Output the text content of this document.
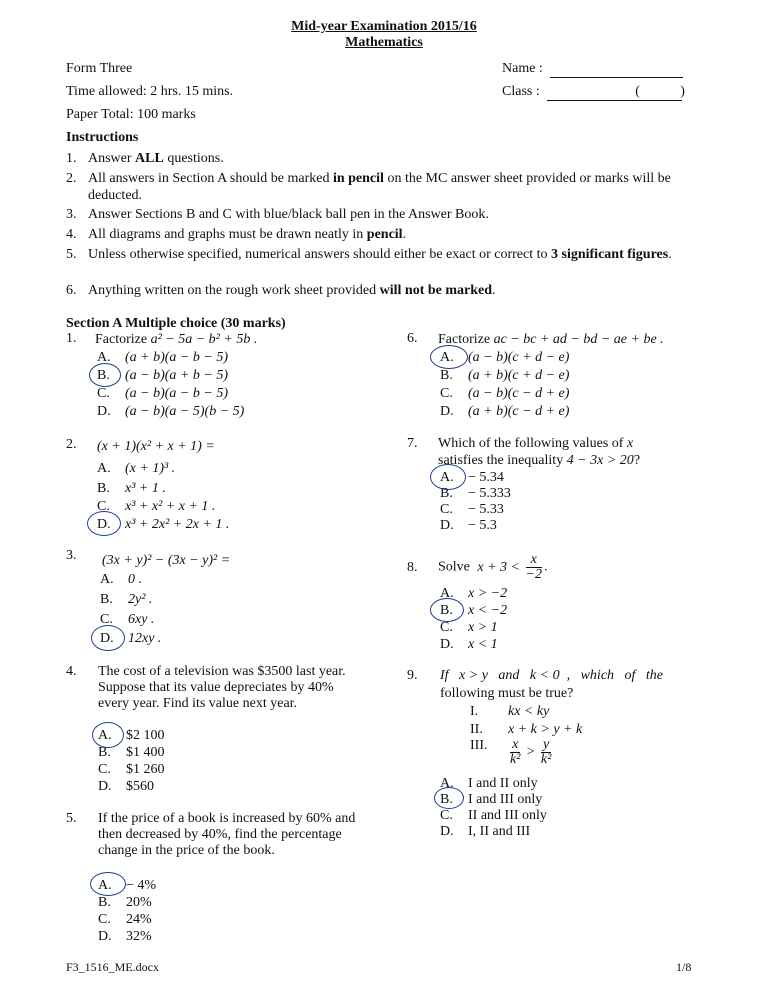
Mid-year Examination 2015/16
Mathematics
Form Three
Time allowed: 2 hrs. 15 mins.
Paper Total: 100 marks
Name :
Class :	(	)
Instructions
1. Answer ALL questions.
2. All answers in Section A should be marked in pencil on the MC answer sheet provided or marks will be deducted.
3. Answer Sections B and C with blue/black ball pen in the Answer Book.
4. All diagrams and graphs must be drawn neatly in pencil.
5. Unless otherwise specified, numerical answers should either be exact or correct to 3 significant figures.
6. Anything written on the rough work sheet provided will not be marked.
Section A Multiple choice (30 marks)
1. Factorize a² − 5a − b² + 5b .
A. (a + b)(a − b − 5)
B. (a − b)(a + b − 5)
C. (a − b)(a − b − 5)
D. (a − b)(a − 5)(b − 5)
2. (x + 1)(x² + x + 1) =
A. (x + 1)³ .
B. x³ + 1 .
C. x³ + x² + x + 1 .
D. x³ + 2x² + 2x + 1 .
3. (3x + y)² − (3x − y)² =
A. 0 .
B. 2y² .
C. 6xy .
D. 12xy .
4. The cost of a television was $3500 last year. Suppose that its value depreciates by 40% every year. Find its value next year.
A. $2 100
B. $1 400
C. $1 260
D. $560
5. If the price of a book is increased by 60% and then decreased by 40%, find the percentage change in the price of the book.
A. − 4%
B. 20%
C. 24%
D. 32%
6. Factorize ac − bc + ad − bd − ae + be .
A. (a − b)(c + d − e)
B. (a + b)(c + d − e)
C. (a − b)(c − d + e)
D. (a + b)(c − d + e)
7. Which of the following values of x
satisfies the inequality 4 − 3x > 20?
A. − 5.34
B. − 5.333
C. − 5.33
D. − 5.3
8. Solve $x + 3 < \frac{x}{-2}$ .
A. x > −2
B. x < −2
C. x > 1
D. x < 1
9. If   x > y   and   k < 0  ,   which   of   the
following must be true?
I. kx < ky
II. x + k > y + k
III. $\frac{x}{\text{k²}} > \frac{y}{\text{k²}}$
A. I and II only
B. I and III only
C. II and III only
D. I, II and III
F3_1516_ME.docx	1/8
